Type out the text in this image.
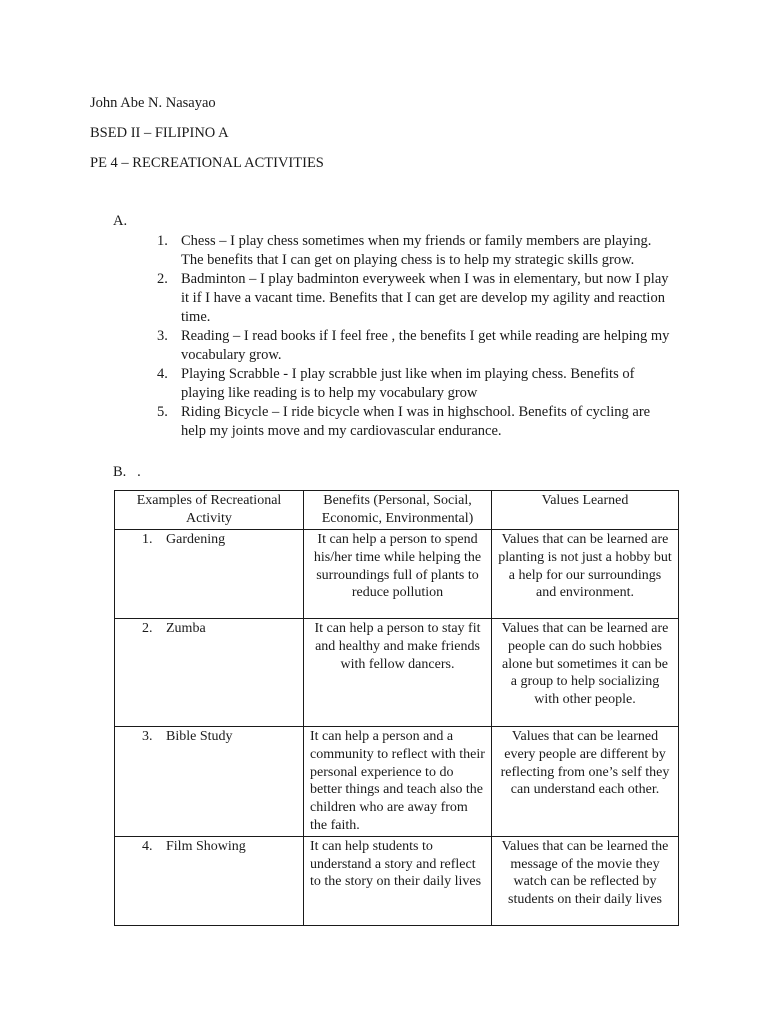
John Abe N. Nasayao
BSED II – FILIPINO A
PE 4 – RECREATIONAL ACTIVITIES
A.
1. Chess – I play chess sometimes when my friends or family members are playing. The benefits that I can get on playing chess is to help my strategic skills grow.
2. Badminton – I play badminton everyweek when I was in elementary, but now I play it if I have a vacant time. Benefits that I can get are develop my agility and reaction time.
3. Reading – I read books if I feel free , the benefits I get while reading are helping my vocabulary grow.
4. Playing Scrabble - I play scrabble just like when im playing chess. Benefits of playing like reading is to help my vocabulary grow
5. Riding Bicycle – I ride bicycle when I was in highschool. Benefits of cycling are help my joints move and my cardiovascular endurance.
B.   .
Examples of Recreational Activity	Benefits (Personal, Social, Economic, Environmental)	Values Learned
1. Gardening	It can help a person to spend his/her time while helping the surroundings full of plants to reduce pollution	Values that can be learned are planting is not just a hobby but a help for our surroundings and environment.
2. Zumba	It can help a person to stay fit and healthy and make friends with fellow dancers.	Values that can be learned are people can do such hobbies alone but sometimes it can be a group to help socializing with other people.
3. Bible Study	It can help a person and a community to reflect with their personal experience to do better things and teach also the children who are away from the faith.	Values that can be learned every people are different by reflecting from one’s self they can understand each other.
4. Film Showing	It can help students to understand a story and reflect to the story on their daily lives	Values that can be learned the message of the movie they watch can be reflected by students on their daily lives
